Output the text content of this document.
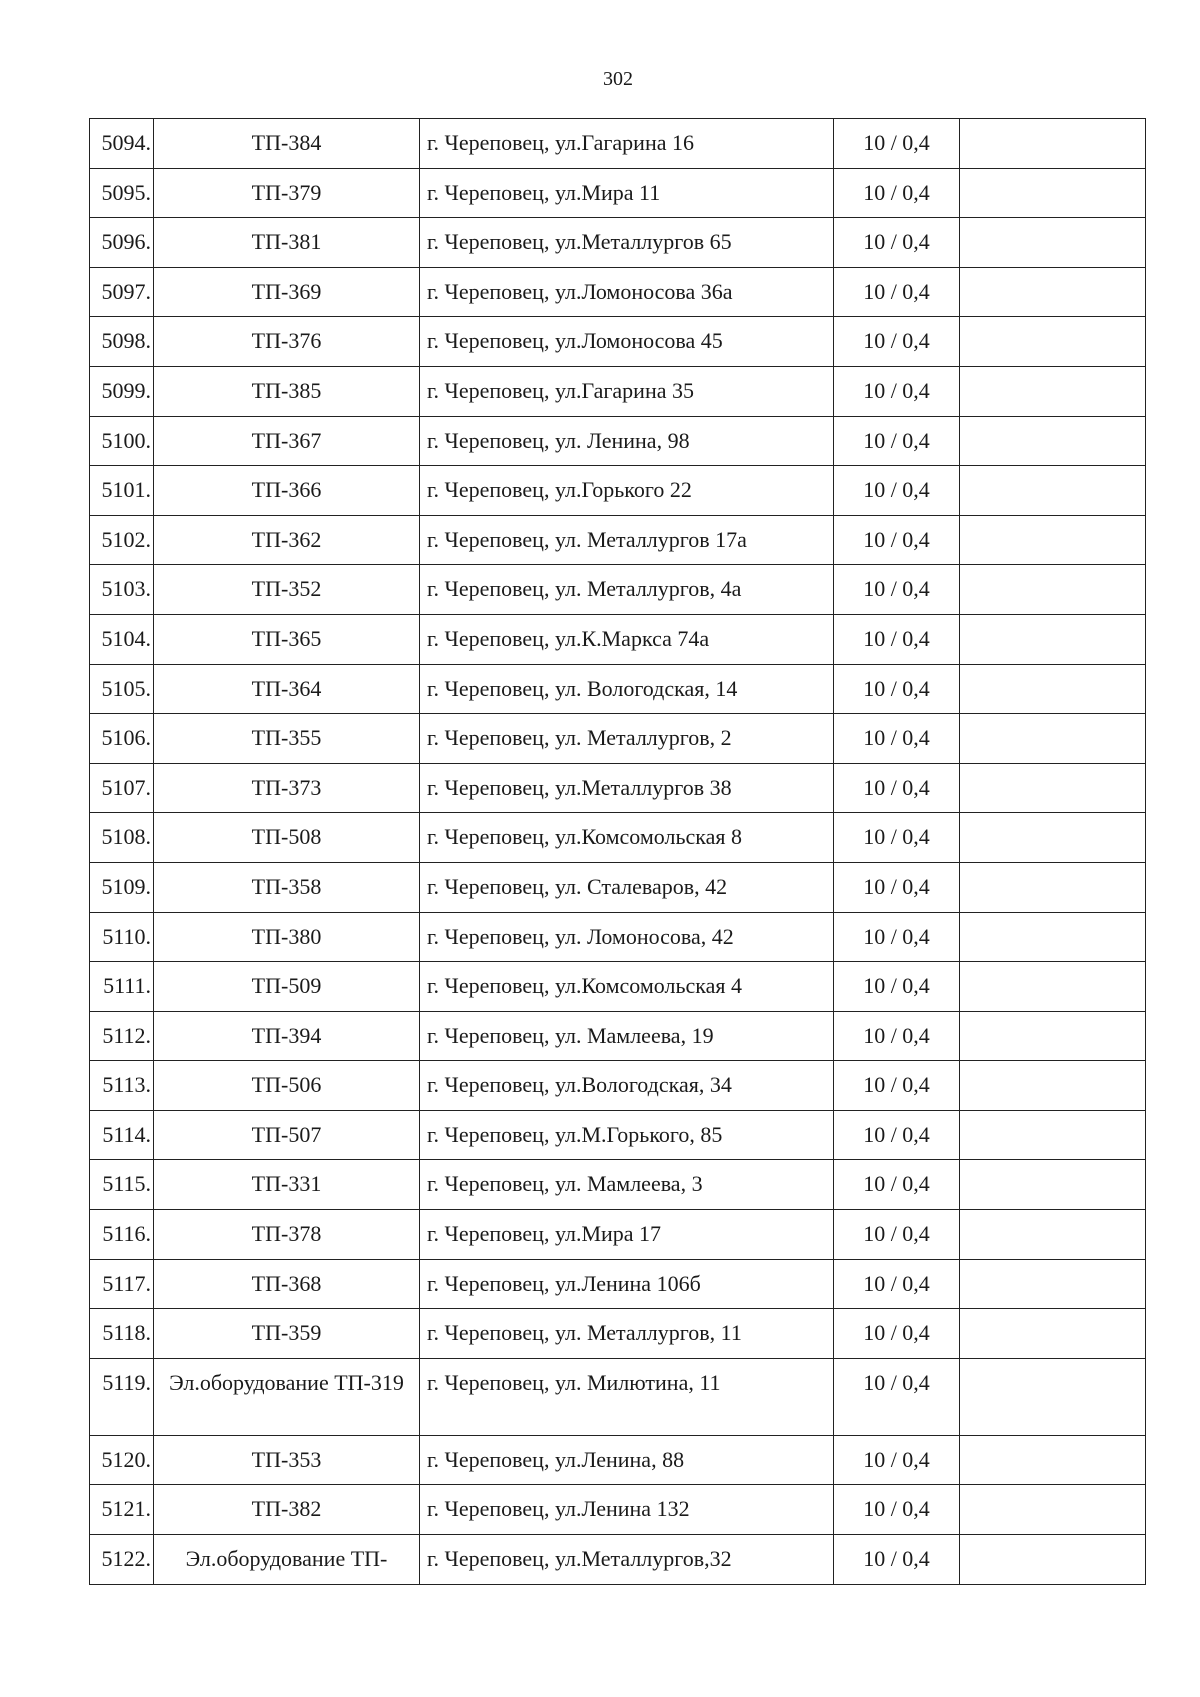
302
5094.	ТП-384	г. Череповец, ул.Гагарина 16	10 / 0,4	
5095.	ТП-379	г. Череповец, ул.Мира 11	10 / 0,4	
5096.	ТП-381	г. Череповец, ул.Металлургов 65	10 / 0,4	
5097.	ТП-369	г. Череповец, ул.Ломоносова 36а	10 / 0,4	
5098.	ТП-376	г. Череповец, ул.Ломоносова 45	10 / 0,4	
5099.	ТП-385	г. Череповец, ул.Гагарина 35	10 / 0,4	
5100.	ТП-367	г. Череповец, ул. Ленина, 98	10 / 0,4	
5101.	ТП-366	г. Череповец, ул.Горького 22	10 / 0,4	
5102.	ТП-362	г. Череповец, ул. Металлургов 17а	10 / 0,4	
5103.	ТП-352	г. Череповец, ул. Металлургов, 4а	10 / 0,4	
5104.	ТП-365	г. Череповец, ул.К.Маркса 74а	10 / 0,4	
5105.	ТП-364	г. Череповец, ул. Вологодская, 14	10 / 0,4	
5106.	ТП-355	г. Череповец, ул. Металлургов, 2	10 / 0,4	
5107.	ТП-373	г. Череповец, ул.Металлургов 38	10 / 0,4	
5108.	ТП-508	г. Череповец, ул.Комсомольская 8	10 / 0,4	
5109.	ТП-358	г. Череповец, ул. Сталеваров, 42	10 / 0,4	
5110.	ТП-380	г. Череповец, ул. Ломоносова, 42	10 / 0,4	
5111.	ТП-509	г. Череповец, ул.Комсомольская 4	10 / 0,4	
5112.	ТП-394	г. Череповец, ул. Мамлеева, 19	10 / 0,4	
5113.	ТП-506	г. Череповец, ул.Вологодская, 34	10 / 0,4	
5114.	ТП-507	г. Череповец, ул.М.Горького, 85	10 / 0,4	
5115.	ТП-331	г. Череповец, ул. Мамлеева, 3	10 / 0,4	
5116.	ТП-378	г. Череповец, ул.Мира 17	10 / 0,4	
5117.	ТП-368	г. Череповец, ул.Ленина 106б	10 / 0,4	
5118.	ТП-359	г. Череповец, ул. Металлургов, 11	10 / 0,4	
5119.	Эл.оборудование ТП-319	г. Череповец, ул. Милютина, 11	10 / 0,4	
5120.	ТП-353	г. Череповец, ул.Ленина, 88	10 / 0,4	
5121.	ТП-382	г. Череповец, ул.Ленина 132	10 / 0,4	
5122.	Эл.оборудование ТП-	г. Череповец, ул.Металлургов,32	10 / 0,4	
